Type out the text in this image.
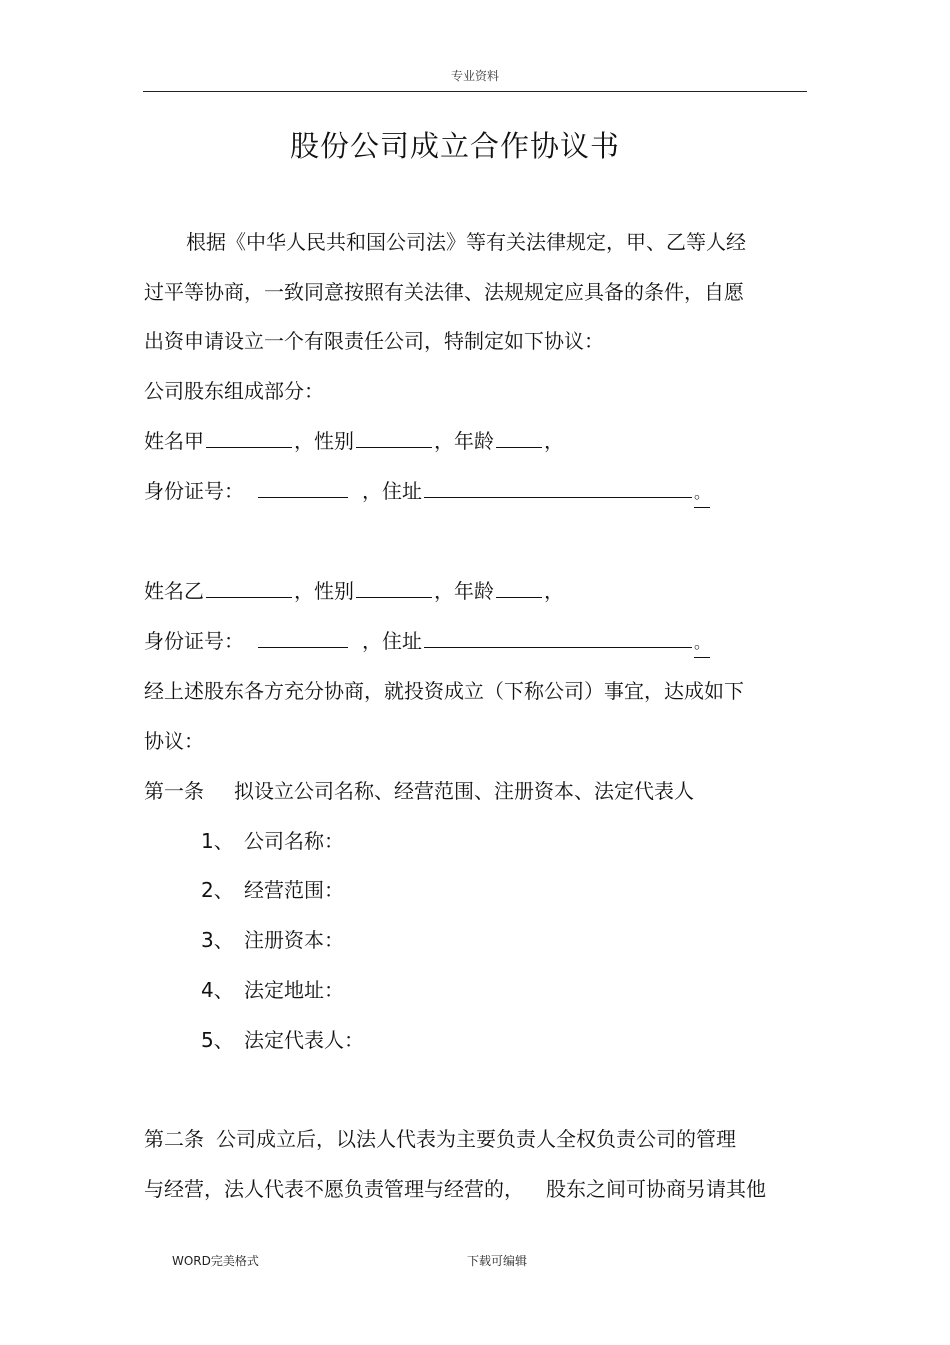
专业资料
股份公司成立合作协议书
根据《中华人民共和国公司法》等有关法律规定，甲、乙等人经
过平等协商，一致同意按照有关法律、法规规定应具备的条件，自愿
出资申请设立一个有限责任公司，特制定如下协议：
公司股东组成部分：
姓名甲	，性别	，年龄	，
身份证号：	，住址	。
姓名乙	，性别	，年龄	，
身份证号：	，住址	。
经上述股东各方充分协商，就投资成立（下称公司）事宜，达成如下
协议：
第一条 拟设立公司名称、经营范围、注册资本、法定代表人
1、 公司名称：
2、 经营范围：
3、 注册资本：
4、 法定地址：
5、 法定代表人：
第二条 公司成立后，以法人代表为主要负责人全权负责公司的管理
与经营，法人代表不愿负责管理与经营的， 股东之间可协商另请其他
WORD完美格式	下载可编辑
